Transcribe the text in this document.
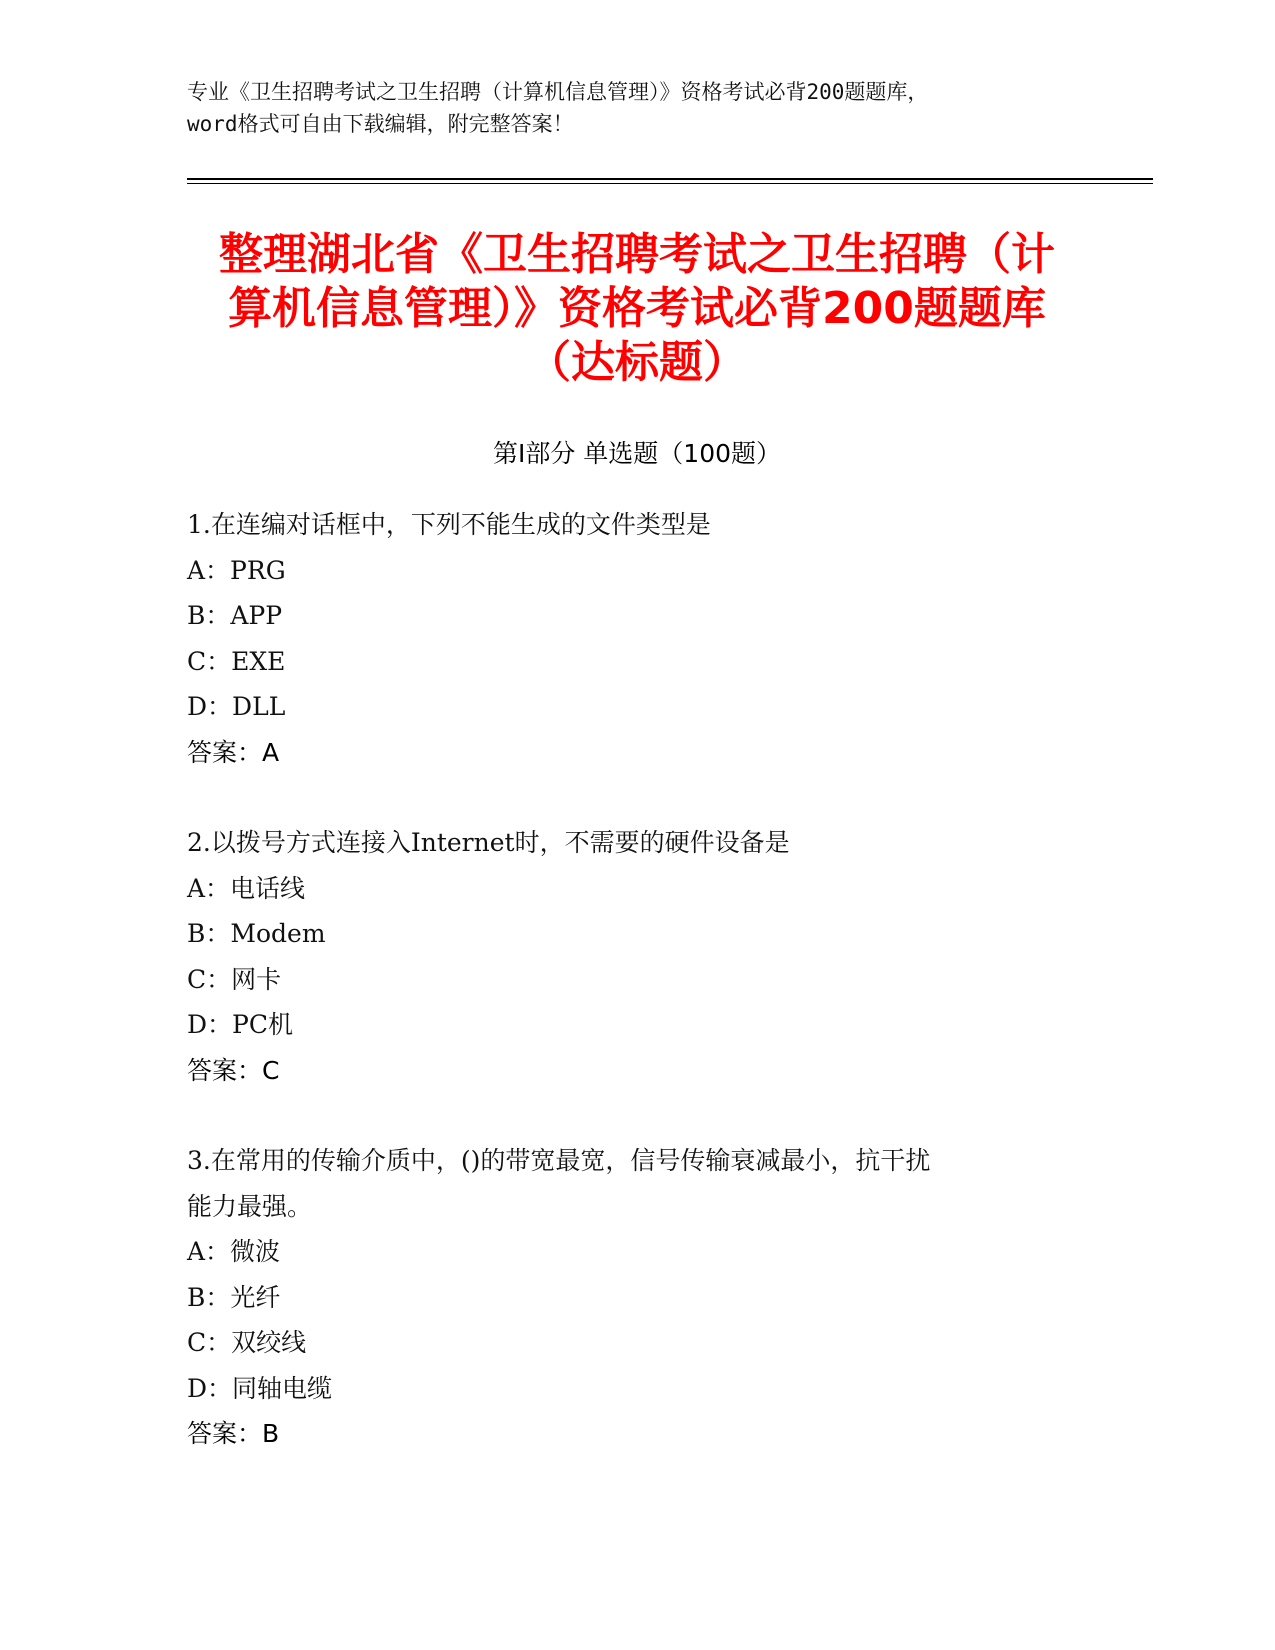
专业《卫生招聘考试之卫生招聘（计算机信息管理）》资格考试必背200题题库，
word格式可自由下载编辑，附完整答案！
整理湖北省《卫生招聘考试之卫生招聘（计
算机信息管理）》资格考试必背200题题库
（达标题）
第Ⅰ部分 单选题（100题）
1.在连编对话框中，下列不能生成的文件类型是
A：PRG
B：APP
C：EXE
D：DLL
答案：A
2.以拨号方式连接入Internet时，不需要的硬件设备是
A：电话线
B：Modem
C：网卡
D：PC机
答案：C
3.在常用的传输介质中，()的带宽最宽，信号传输衰减最小，抗干扰
能力最强。
A：微波
B：光纤
C：双绞线
D：同轴电缆
答案：B
